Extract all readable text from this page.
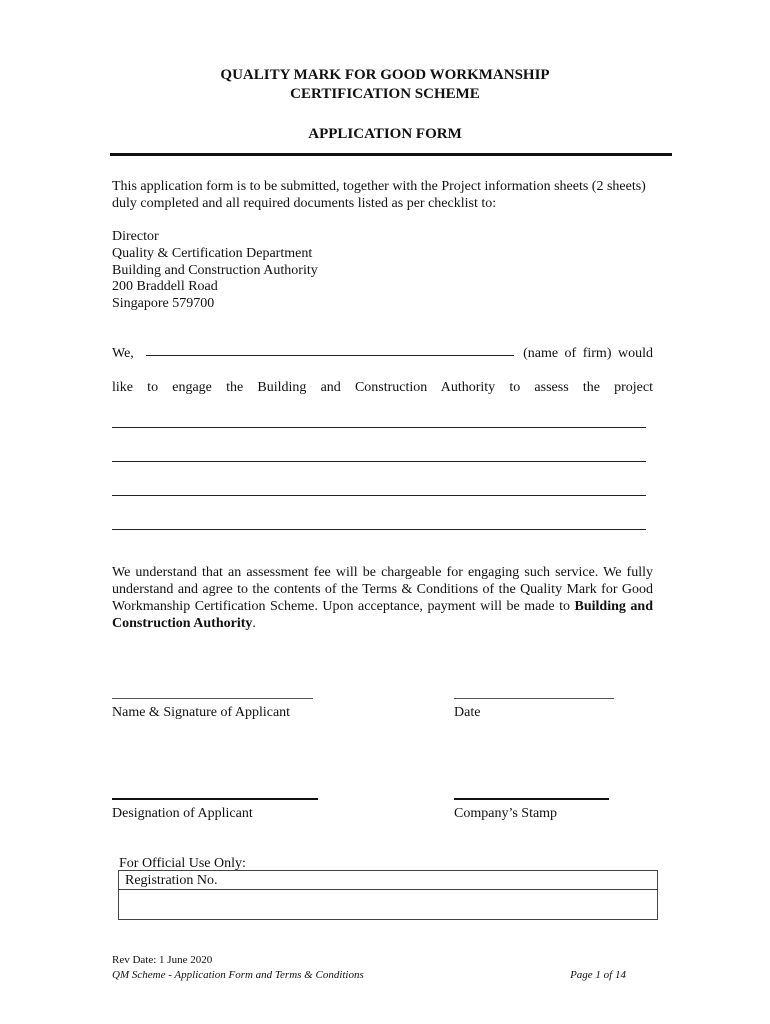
QUALITY MARK FOR GOOD WORKMANSHIP
CERTIFICATION SCHEME
APPLICATION FORM
This application form is to be submitted, together with the Project information sheets (2 sheets)
duly completed and all required documents listed as per checklist to:
Director
Quality & Certification Department
Building and Construction Authority
200 Braddell Road
Singapore 579700
We,	(name of firm) would
like to engage the Building and Construction Authority to assess the project
We understand that an assessment fee will be chargeable for engaging such service. We fully understand and agree to the contents of the Terms & Conditions of the Quality Mark for Good Workmanship Certification Scheme. Upon acceptance, payment will be made to Building and Construction Authority.
Name & Signature of Applicant	Date
Designation of Applicant	Company’s Stamp
For Official Use Only:
Registration No.
Rev Date: 1 June 2020
QM Scheme - Application Form and Terms & Conditions	Page 1 of 14
